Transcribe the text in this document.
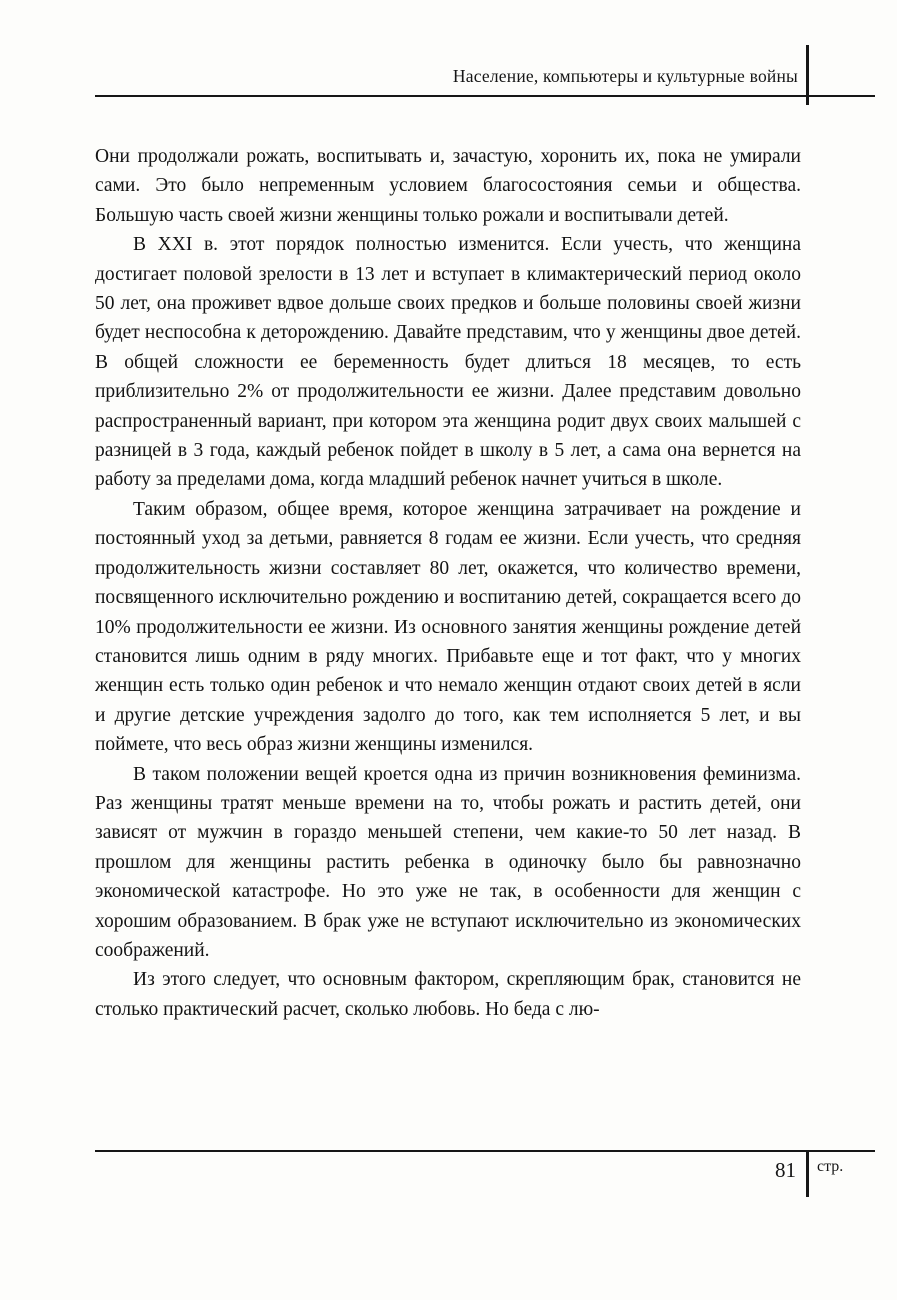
Население, компьютеры и культурные войны

Они продолжали рожать, воспитывать и, зачастую, хоронить их, пока не умирали сами. Это было непременным условием благосостояния семьи и общества. Большую часть своей жизни женщины только рожали и воспитывали детей.

В XXI в. этот порядок полностью изменится. Если учесть, что женщина достигает половой зрелости в 13 лет и вступает в климактерический период около 50 лет, она проживет вдвое дольше своих предков и больше половины своей жизни будет неспособна к деторождению. Давайте представим, что у женщины двое детей. В общей сложности ее беременность будет длиться 18 месяцев, то есть приблизительно 2% от продолжительности ее жизни. Далее представим довольно распространенный вариант, при котором эта женщина родит двух своих малышей с разницей в 3 года, каждый ребенок пойдет в школу в 5 лет, а сама она вернется на работу за пределами дома, когда младший ребенок начнет учиться в школе.

Таким образом, общее время, которое женщина затрачивает на рождение и постоянный уход за детьми, равняется 8 годам ее жизни. Если учесть, что средняя продолжительность жизни составляет 80 лет, окажется, что количество времени, посвященного исключительно рождению и воспитанию детей, сокращается всего до 10% продолжительности ее жизни. Из основного занятия женщины рождение детей становится лишь одним в ряду многих. Прибавьте еще и тот факт, что у многих женщин есть только один ребенок и что немало женщин отдают своих детей в ясли и другие детские учреждения задолго до того, как тем исполняется 5 лет, и вы поймете, что весь образ жизни женщины изменился.

В таком положении вещей кроется одна из причин возникновения феминизма. Раз женщины тратят меньше времени на то, чтобы рожать и растить детей, они зависят от мужчин в гораздо меньшей степени, чем какие-то 50 лет назад. В прошлом для женщины растить ребенка в одиночку было бы равнозначно экономической катастрофе. Но это уже не так, в особенности для женщин с хорошим образованием. В брак уже не вступают исключительно из экономических соображений.

Из этого следует, что основным фактором, скрепляющим брак, становится не столько практический расчет, сколько любовь. Но беда с лю-

81 стр.
